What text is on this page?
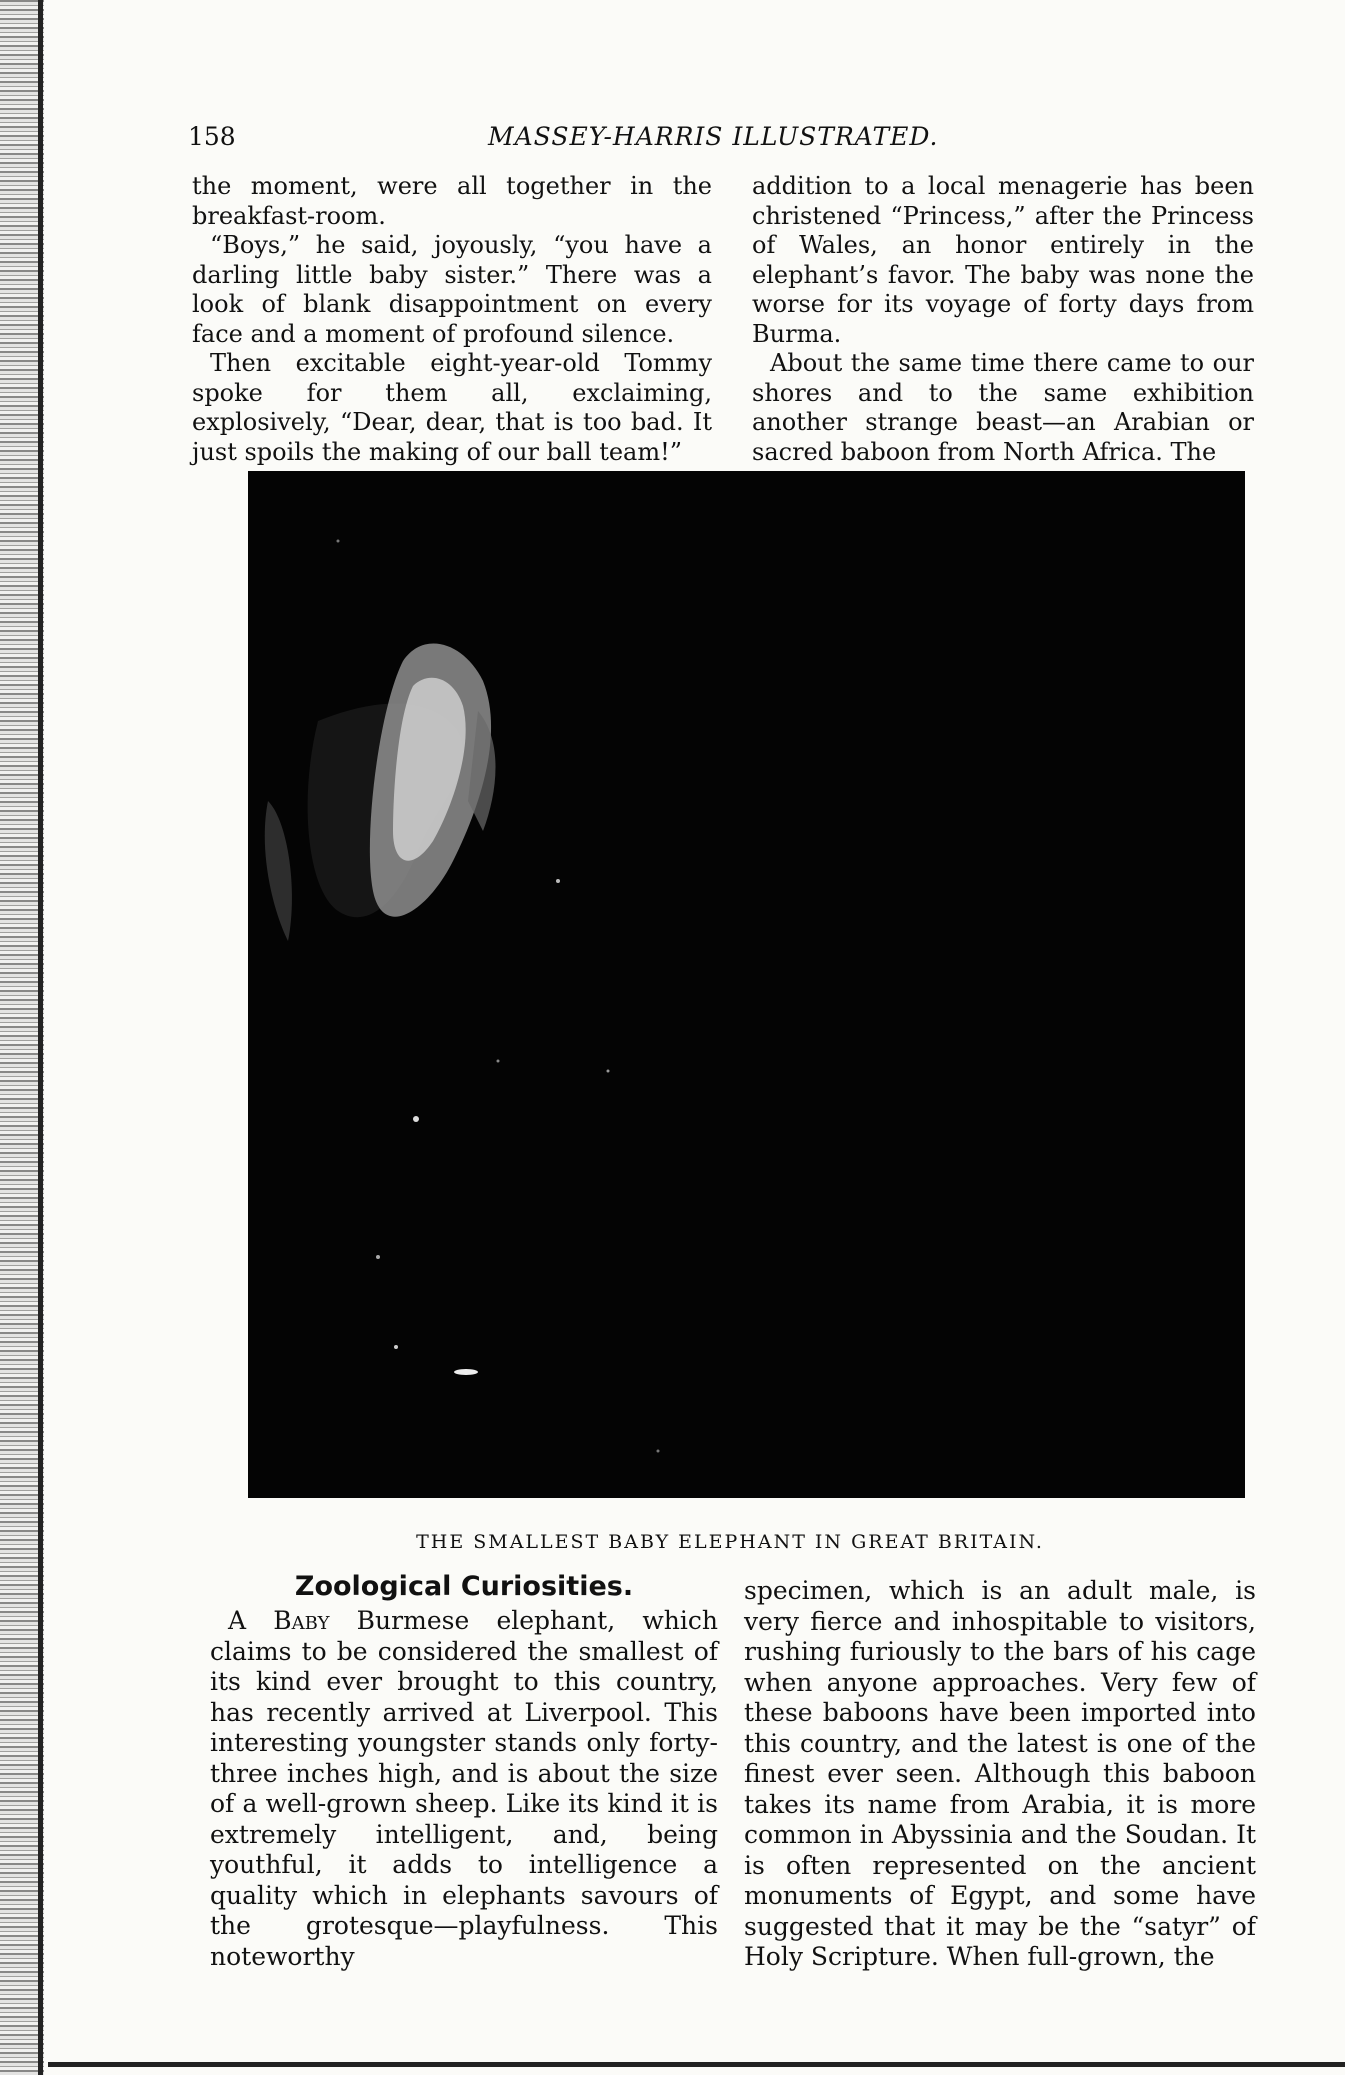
158	MASSEY-HARRIS ILLUSTRATED.

the moment, were all together in the breakfast-room.

“Boys,” he said, joyously, “you have a darling little baby sister.” There was a look of blank disappointment on every face and a moment of profound silence.

Then excitable eight-year-old Tommy spoke for them all, exclaiming, explosively, “Dear, dear, that is too bad. It just spoils the making of our ball team!”

addition to a local menagerie has been christened “Princess,” after the Princess of Wales, an honor entirely in the elephant’s favor. The baby was none the worse for its voyage of forty days from Burma.

About the same time there came to our shores and to the same exhibition another strange beast—an Arabian or sacred baboon from North Africa. The

THE SMALLEST BABY ELEPHANT IN GREAT BRITAIN.
Zoological Curiosities.

A Baby Burmese elephant, which claims to be considered the smallest of its kind ever brought to this country, has recently arrived at Liverpool. This interesting youngster stands only forty-three inches high, and is about the size of a well-grown sheep. Like its kind it is extremely intelligent, and, being youthful, it adds to intelligence a quality which in elephants savours of the grotesque—playfulness. This noteworthy

specimen, which is an adult male, is very fierce and inhospitable to visitors, rushing furiously to the bars of his cage when anyone approaches. Very few of these baboons have been imported into this country, and the latest is one of the finest ever seen. Although this baboon takes its name from Arabia, it is more common in Abyssinia and the Soudan. It is often represented on the ancient monuments of Egypt, and some have suggested that it may be the “satyr” of Holy Scripture. When full-grown, the
